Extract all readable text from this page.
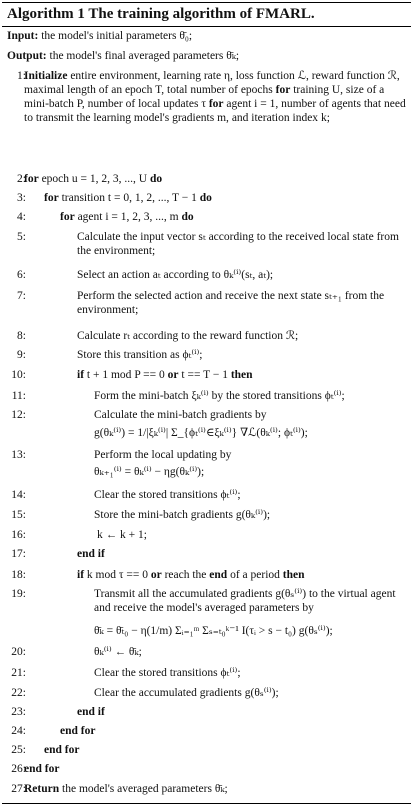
Algorithm 1 The training algorithm of FMARL.
Input: the model's initial parameters θ̄₀;
Output: the model's final averaged parameters θ̄ₖ;
1:
Initialize entire environment, learning rate η, loss function ℒ, reward function ℛ, maximal length of an epoch T, total number of epochs for training U, size of a mini-batch P, number of local updates τ for agent i = 1, number of agents that need to transmit the learning model's gradients m, and iteration index k;
2:
for epoch u = 1, 2, 3, ..., U do
3: for transition t = 0, 1, 2, ..., T − 1 do
4:	for agent i = 1, 2, 3, ..., m do
5:	Calculate the input vector sₜ according to the received local state from the environment;
6:	Select an action aₜ according to θₖ⁽ⁱ⁾(sₜ, aₜ);
7:	Perform the selected action and receive the next state sₜ₊₁ from the environment;
8:	Calculate rₜ according to the reward function ℛ;
9:	Store this transition as ϕₜ⁽ⁱ⁾;
10:	if t + 1 mod P == 0 or t == T − 1 then
11:	Form the mini-batch ξₖ⁽ⁱ⁾ by the stored transitions ϕₜ⁽ⁱ⁾;
12:	Calculate the mini-batch gradients by
g(θₖ⁽ⁱ⁾) = 1/|ξₖ⁽ⁱ⁾| Σ_{ϕₜ⁽ⁱ⁾∈ξₖ⁽ⁱ⁾} ∇ℒ(θₖ⁽ⁱ⁾; ϕₜ⁽ⁱ⁾);
13:	Perform the local updating by
θₖ₊₁⁽ⁱ⁾ = θₖ⁽ⁱ⁾ − ηg(θₖ⁽ⁱ⁾);
14:	Clear the stored transitions ϕₜ⁽ⁱ⁾;
15:	Store the mini-batch gradients g(θₖ⁽ⁱ⁾);
16:	k ← k + 1;
17:	end if
18:	if k mod τ == 0 or reach the end of a period then
19:	Transmit all the accumulated gradients g(θₛ⁽ⁱ⁾) to the virtual agent and receive the model's averaged parameters by
θ̄ₖ = θ̄ₜ₀ − η(1/m) Σᵢ₌₁ᵐ Σₛ₌ₜ₀ᵏ⁻¹ I(τᵢ > s − t₀) g(θₛ⁽ⁱ⁾);
20:	θₖ⁽ⁱ⁾ ← θ̄ₖ;
21:	Clear the stored transitions ϕₜ⁽ⁱ⁾;
22:	Clear the accumulated gradients g(θₛ⁽ⁱ⁾);
23:	end if
24:	end for
25: end for
26:
end for
27:
Return the model's averaged parameters θ̄ₖ;
